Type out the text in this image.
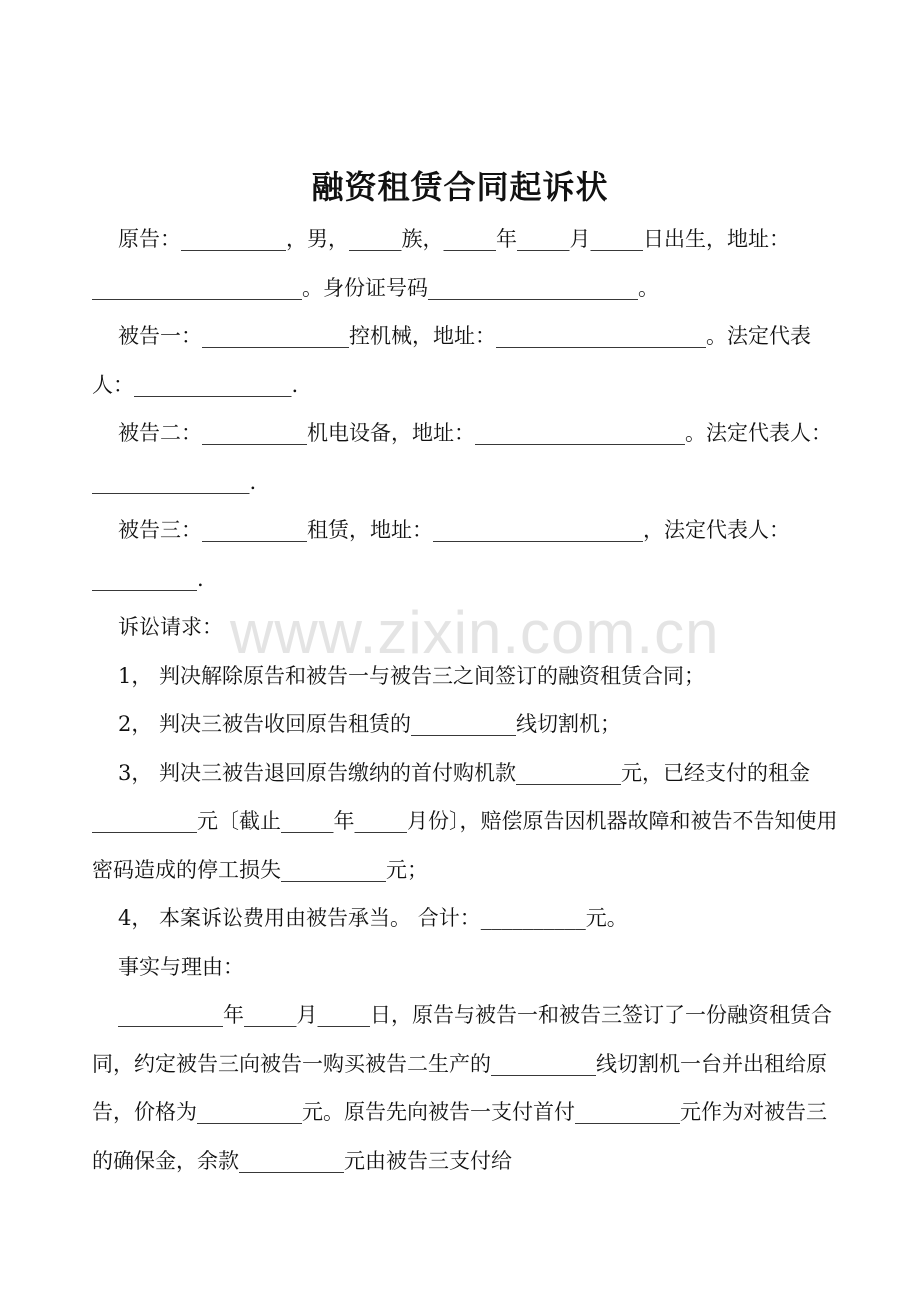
www.zixin.com.cn
融资租赁合同起诉状

原告：__________，男，_____族，_____年_____月_____日出生，地址：____________________。身份证号码____________________。

被告一：______________控机械，地址：____________________。法定代表人：_______________.

被告二：__________机电设备，地址：____________________。法定代表人：_______________.

被告三：__________租赁，地址：____________________，法定代表人：__________.

诉讼请求：

1， 判决解除原告和被告一与被告三之间签订的融资租赁合同；

2， 判决三被告收回原告租赁的__________线切割机；

3， 判决三被告退回原告缴纳的首付购机款__________元，已经支付的租金__________元〔截止_____年_____月份〕，赔偿原告因机器故障和被告不告知使用密码造成的停工损失__________元；

4， 本案诉讼费用由被告承当。 合计：__________元。

事实与理由：

__________年_____月_____日，原告与被告一和被告三签订了一份融资租赁合同，约定被告三向被告一购买被告二生产的__________线切割机一台并出租给原告，价格为__________元。原告先向被告一支付首付__________元作为对被告三的确保金，余款__________元由被告三支付给
